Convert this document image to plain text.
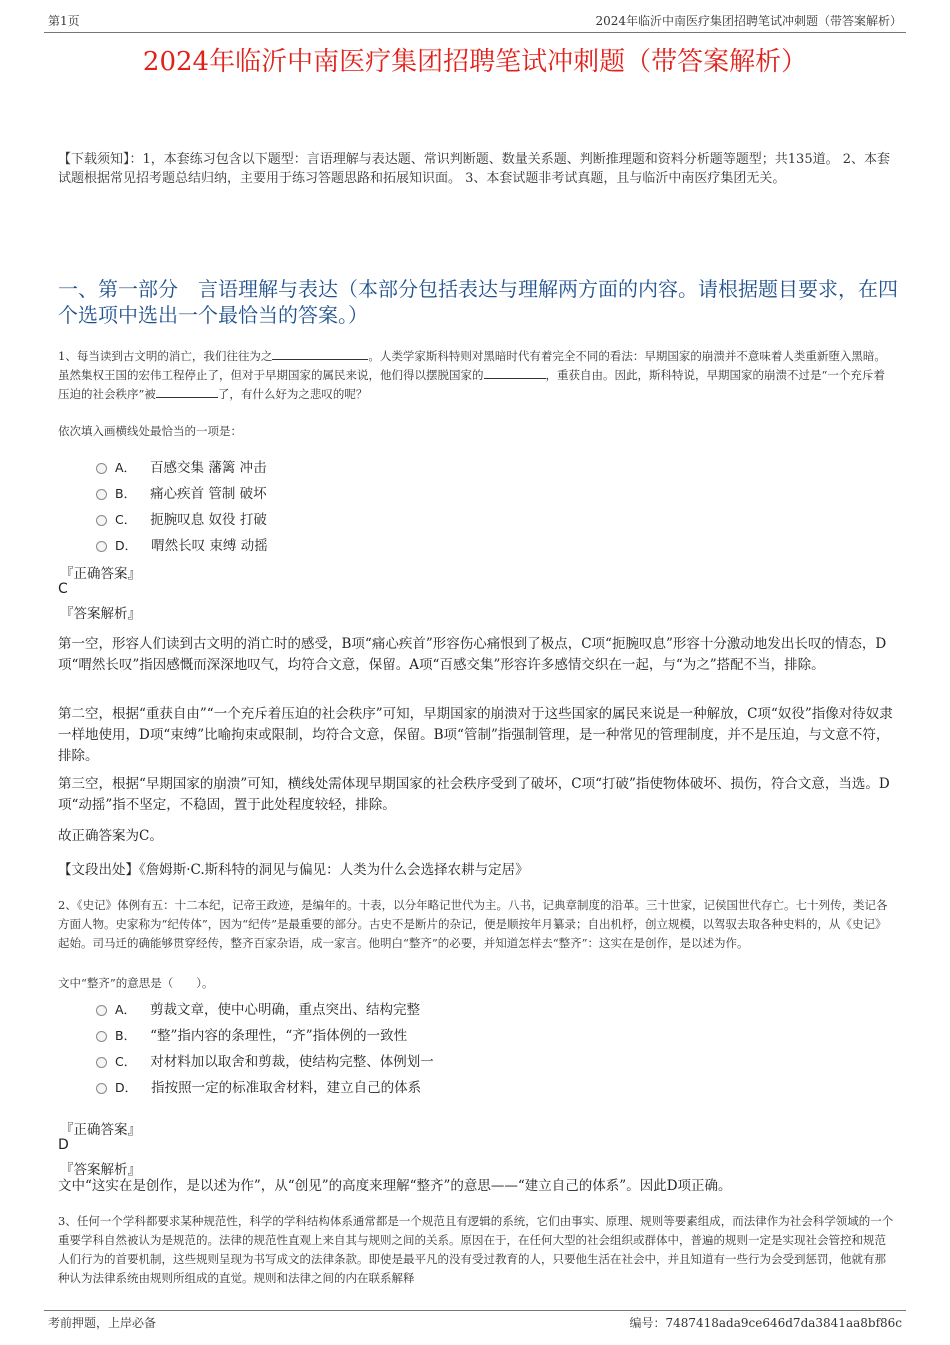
第1页	2024年临沂中南医疗集团招聘笔试冲刺题（带答案解析）
2024年临沂中南医疗集团招聘笔试冲刺题（带答案解析）
【下载须知】：1，本套练习包含以下题型：言语理解与表达题、常识判断题、数量关系题、判断推理题和资料分析题等题型；共135道。 2、本套试题根据常见招考题总结归纳，主要用于练习答题思路和拓展知识面。 3、本套试题非考试真题，且与临沂中南医疗集团无关。
一、第一部分　言语理解与表达（本部分包括表达与理解两方面的内容。请根据题目要求，在四个选项中选出一个最恰当的答案。）
1、每当读到古文明的消亡，我们往往为之	。人类学家斯科特则对黑暗时代有着完全不同的看法：早期国家的崩溃并不意味着人类重新堕入黑暗。虽然集权王国的宏伟工程停止了，但对于早期国家的属民来说，他们得以摆脱国家的	，重获自由。因此，斯科特说，早期国家的崩溃不过是“一个充斥着压迫的社会秩序”被	了，有什么好为之悲叹的呢？
依次填入画横线处最恰当的一项是：
A． 百感交集 藩篱 冲击
B． 痛心疾首 管制 破坏
C． 扼腕叹息 奴役 打破
D． 喟然长叹 束缚 动摇
『正确答案』
C
『答案解析』
第一空，形容人们读到古文明的消亡时的感受，B项“痛心疾首”形容伤心痛恨到了极点，C项“扼腕叹息”形容十分激动地发出长叹的情态，D项“喟然长叹”指因感慨而深深地叹气，均符合文意，保留。A项“百感交集”形容许多感情交织在一起，与“为之”搭配不当，排除。
第二空，根据“重获自由”“一个充斥着压迫的社会秩序”可知，早期国家的崩溃对于这些国家的属民来说是一种解放，C项“奴役”指像对待奴隶一样地使用，D项“束缚”比喻拘束或限制，均符合文意，保留。B项“管制”指强制管理，是一种常见的管理制度，并不是压迫，与文意不符，排除。
第三空，根据“早期国家的崩溃”可知，横线处需体现早期国家的社会秩序受到了破坏，C项“打破”指使物体破坏、损伤，符合文意，当选。D项“动摇”指不坚定，不稳固，置于此处程度较轻，排除。
故正确答案为C。
【文段出处】《詹姆斯·C.斯科特的洞见与偏见：人类为什么会选择农耕与定居》
2、《史记》体例有五：十二本纪，记帝王政迹，是编年的。十表，以分年略记世代为主。八书，记典章制度的沿革。三十世家，记侯国世代存亡。七十列传，类记各方面人物。史家称为“纪传体”，因为“纪传”是最重要的部分。古史不是断片的杂记，便是顺按年月纂录；自出机杼，创立规模，以驾驭去取各种史料的，从《史记》起始。司马迁的确能够贯穿经传，整齐百家杂语，成一家言。他明白“整齐”的必要，并知道怎样去“整齐”：这实在是创作，是以述为作。
文中“整齐”的意思是（　　）。
A． 剪裁文章，使中心明确，重点突出、结构完整
B． “整”指内容的条理性，“齐”指体例的一致性
C． 对材料加以取舍和剪裁，使结构完整、体例划一
D． 指按照一定的标准取舍材料，建立自己的体系
『正确答案』
D
『答案解析』
文中“这实在是创作，是以述为作”，从“创见”的高度来理解“整齐”的意思——“建立自己的体系”。因此D项正确。
3、任何一个学科都要求某种规范性，科学的学科结构体系通常都是一个规范且有逻辑的系统，它们由事实、原理、规则等要素组成，而法律作为社会科学领域的一个重要学科自然被认为是规范的。法律的规范性直观上来自其与规则之间的关系。原因在于，在任何大型的社会组织或群体中，普遍的规则一定是实现社会管控和规范人们行为的首要机制，这些规则呈现为书写成文的法律条款。即使是最平凡的没有受过教育的人，只要他生活在社会中，并且知道有一些行为会受到惩罚，他就有那种认为法律系统由规则所组成的直觉。规则和法律之间的内在联系解释
考前押题，上岸必备	编号：7487418ada9ce646d7da3841aa8bf86c
